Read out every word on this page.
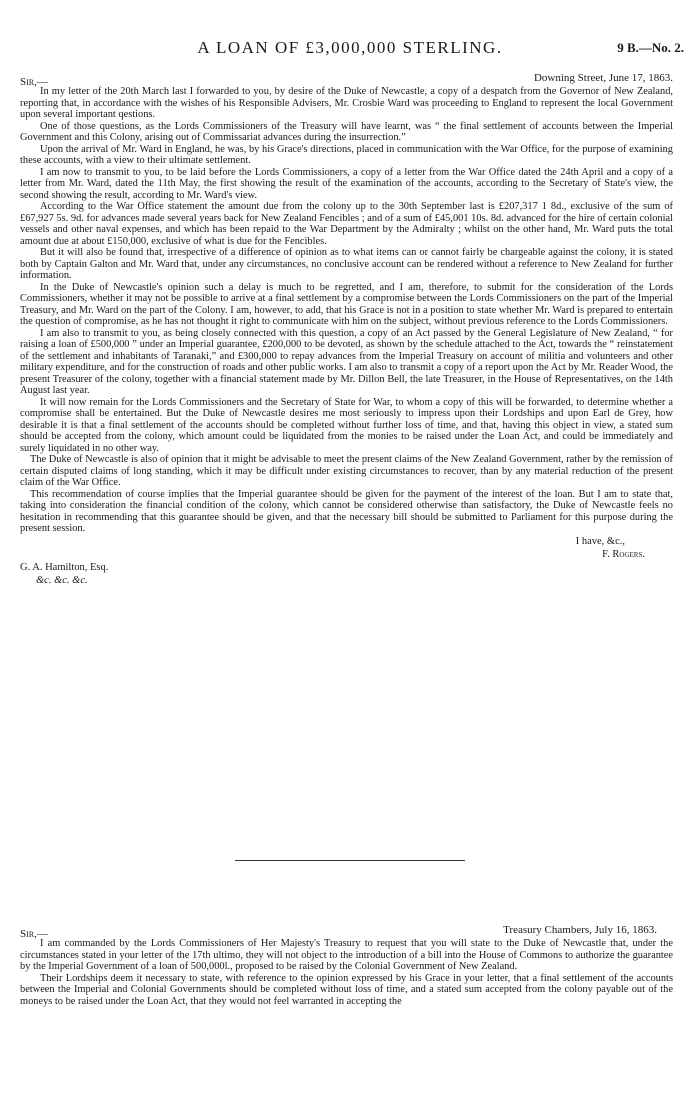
A LOAN OF £3,000,000 STERLING.	9 B.—No. 2.
Sir,—	Downing Street, June 17, 1863.

In my letter of the 20th March last I forwarded to you, by desire of the Duke of Newcastle, a copy of a despatch from the Governor of New Zealand, reporting that, in accordance with the wishes of his Responsible Advisers, Mr. Crosbie Ward was proceeding to England to represent the local Government upon several important qestions.

One of those questions, as the Lords Commissioners of the Treasury will have learnt, was “ the final settlement of accounts between the Imperial Government and this Colony, arising out of Commissariat advances during the insurrection.”

Upon the arrival of Mr. Ward in England, he was, by his Grace's directions, placed in communication with the War Office, for the purpose of examining these accounts, with a view to their ultimate settlement.

I am now to transmit to you, to be laid before the Lords Commissioners, a copy of a letter from the War Office dated the 24th April and a copy of a letter from Mr. Ward, dated the 11th May, the first showing the result of the examination of the accounts, according to the Secretary of State's view, the second showing the result, according to Mr. Ward's view.

According to the War Office statement the amount due from the colony up to the 30th September last is £207,317 1 8d., exclusive of the sum of £67,927 5s. 9d. for advances made several years back for New Zealand Fencibles ; and of a sum of £45,001 10s. 8d. advanced for the hire of certain colonial vessels and other naval expenses, and which has been repaid to the War Department by the Admiralty ; whilst on the other hand, Mr. Ward puts the total amount due at about £150,000, exclusive of what is due for the Fencibles.

But it will also be found that, irrespective of a difference of opinion as to what items can or cannot fairly be chargeable against the colony, it is stated both by Captain Galton and Mr. Ward that, under any circumstances, no conclusive account can be rendered without a reference to New Zealand for further information.

In the Duke of Newcastle's opinion such a delay is much to be regretted, and I am, therefore, to submit for the consideration of the Lords Commissioners, whether it may not be possible to arrive at a final settlement by a compromise between the Lords Commissioners on the part of the Imperial Treasury, and Mr. Ward on the part of the Colony. I am, however, to add, that his Grace is not in a position to state whether Mr. Ward is prepared to entertain the question of compromise, as he has not thought it right to communicate with him on the subject, without previous reference to the Lords Commissioners.

I am also to transmit to you, as being closely connected with this question, a copy of an Act passed by the General Legislature of New Zealand, “ for raising a loan of £500,000 ” under an Imperial guarantee, £200,000 to be devoted, as shown by the schedule attached to the Act, towards the “ reinstatement of the settlement and inhabitants of Taranaki,” and £300,000 to repay advances from the Imperial Treasury on account of militia and volunteers and other military expenditure, and for the construction of roads and other public works. I am also to transmit a copy of a report upon the Act by Mr. Reader Wood, the present Treasurer of the colony, together with a financial statement made by Mr. Dillon Bell, the late Treasurer, in the House of Representatives, on the 14th August last year.

It will now remain for the Lords Commissioners and the Secretary of State for War, to whom a copy of this will be forwarded, to determine whether a compromise shall be entertained. But the Duke of Newcastle desires me most seriously to impress upon their Lordships and upon Earl de Grey, how desirable it is that a final settlement of the accounts should be completed without further loss of time, and that, having this object in view, a stated sum should be accepted from the colony, which amount could be liquidated from the monies to be raised under the Loan Act, and could be immediately and surely liquidated in no other way.

The Duke of Newcastle is also of opinion that it might be advisable to meet the present claims of the New Zealand Government, rather by the remission of certain disputed claims of long standing, which it may be difficult under existing circumstances to recover, than by any material reduction of the present claim of the War Office.

This recommendation of course implies that the Imperial guarantee should be given for the payment of the interest of the loan. But I am to state that, taking into consideration the financial condition of the colony, which cannot be considered otherwise than satisfactory, the Duke of Newcastle feels no hesitation in recommending that this guarantee should be given, and that the necessary bill should be submitted to Parliament for this purpose during the present session.

I have, &c.,
F. Rogers.
G. A. Hamilton, Esq.
&c. &c. &c.
Sir,—	Treasury Chambers, July 16, 1863.

I am commanded by the Lords Commissioners of Her Majesty's Treasury to request that you will state to the Duke of Newcastle that, under the circumstances stated in your letter of the 17th ultimo, they will not object to the introduction of a bill into the House of Commons to authorize the guarantee by the Imperial Government of a loan of 500,000l., proposed to be raised by the Colonial Government of New Zealand.

Their Lordships deem it necessary to state, with reference to the opinion expressed by his Grace in your letter, that a final settlement of the accounts between the Imperial and Colonial Governments should be completed without loss of time, and a stated sum accepted from the colony payable out of the moneys to be raised under the Loan Act, that they would not feel warranted in accepting the
